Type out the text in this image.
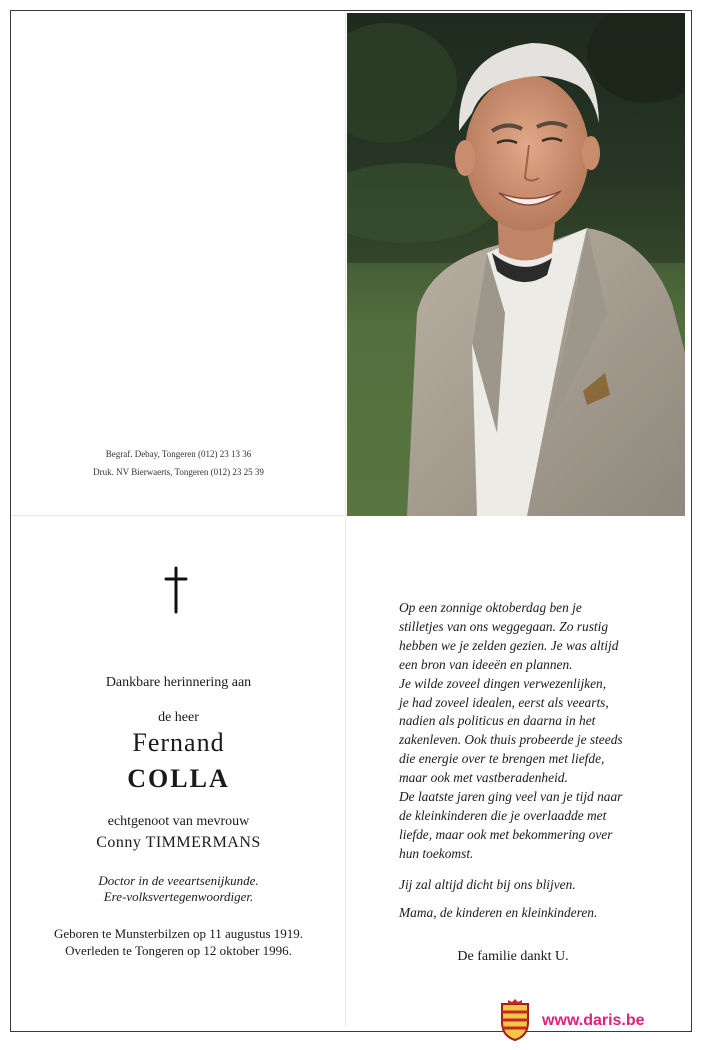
Begraf. Debay, Tongeren (012) 23 13 36
Druk. NV Bierwaerts, Tongeren (012) 23 25 39
Dankbare herinnering aan
de heer
Fernand
COLLA
echtgenoot van mevrouw
Conny TIMMERMANS
Doctor in de veeartsenijkunde.
Ere-volksvertegenwoordiger.
Geboren te Munsterbilzen op 11 augustus 1919.
Overleden te Tongeren op 12 oktober 1996.
Op een zonnige oktoberdag ben je
stilletjes van ons weggegaan. Zo rustig
hebben we je zelden gezien. Je was altijd
een bron van ideeën en plannen.
Je wilde zoveel dingen verwezenlijken,
je had zoveel idealen, eerst als veearts,
nadien als politicus en daarna in het
zakenleven. Ook thuis probeerde je steeds
die energie over te brengen met liefde,
maar ook met vastberadenheid.
De laatste jaren ging veel van je tijd naar
de kleinkinderen die je overlaadde met
liefde, maar ook met bekommering over
hun toekomst.
Jij zal altijd dicht bij ons blijven.
Mama, de kinderen en kleinkinderen.
De familie dankt U.
www.daris.be
